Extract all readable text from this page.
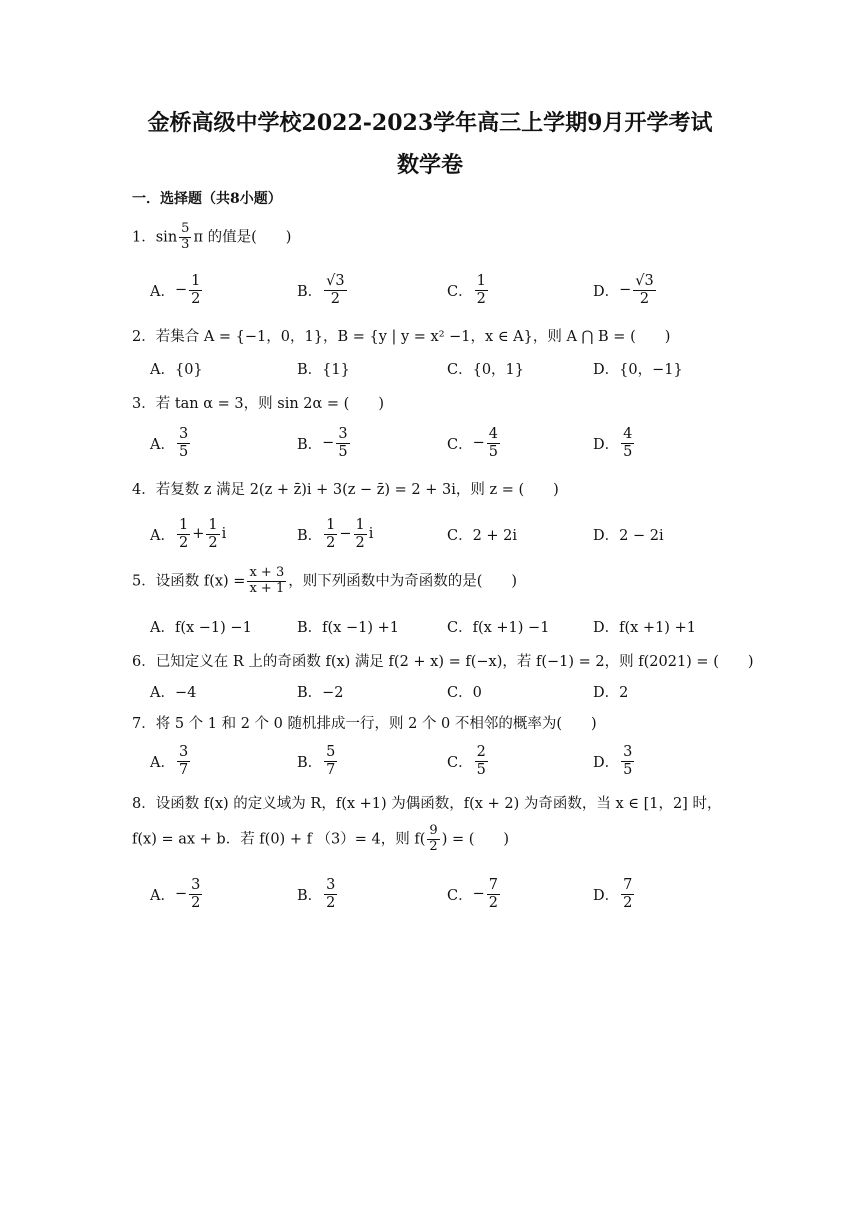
金桥高级中学校2022-2023学年高三上学期9月开学考试
数学卷
一．选择题（共8小题）
1．$\sin \frac{5}{3}$ π 的值是(　　)
A． − $\frac{1}{2}$	B． $\frac{√3}{2}$	C． $\frac{1}{2}$	D． − $\frac{√3}{2}$
2．若集合 A = {−1，0，1}，B = {y | y = x² −1，x ∈ A}，则 A ⋂ B = (　　)
A．{0}	B．{1}	C．{0，1}	D．{0，−1}
3．若 tan α = 3，则 sin 2α = (　　)
A． $\frac{3}{5}$	B． − $\frac{3}{5}$	C． − $\frac{4}{5}$	D． $\frac{4}{5}$
4．若复数 z 满足 2(z + z̄)i + 3(z − z̄) = 2 + 3i，则 z = (　　)
A． $\frac{1}{2} + \frac{1}{2}$ i	B． $\frac{1}{2} - \frac{1}{2}$ i	C．2 + 2i	D．2 − 2i
5．设函数 $f(x) = \frac{x + 3}{x + 1}$ ，则下列函数中为奇函数的是(　　)
A．f(x −1) −1	B．f(x −1) +1	C．f(x +1) −1	D．f(x +1) +1
6．已知定义在 R 上的奇函数 f(x) 满足 f(2 + x) = f(−x)，若 f(−1) = 2，则 f(2021) = (　　)
A．−4	B．−2	C．0	D．2
7．将 5 个 1 和 2 个 0 随机排成一行，则 2 个 0 不相邻的概率为(　　)
A． $\frac{3}{7}$	B． $\frac{5}{7}$	C． $\frac{2}{5}$	D． $\frac{3}{5}$
8．设函数 f(x) 的定义域为 R，f(x +1) 为偶函数，f(x + 2) 为奇函数，当 x ∈ [1，2] 时，
f(x) = ax + b．若 f(0) + f （3）= 4，则 $f( \frac{9}{2}$ ) = (　　)
A． − $\frac{3}{2}$	B． $\frac{3}{2}$	C． − $\frac{7}{2}$	D． $\frac{7}{2}$
